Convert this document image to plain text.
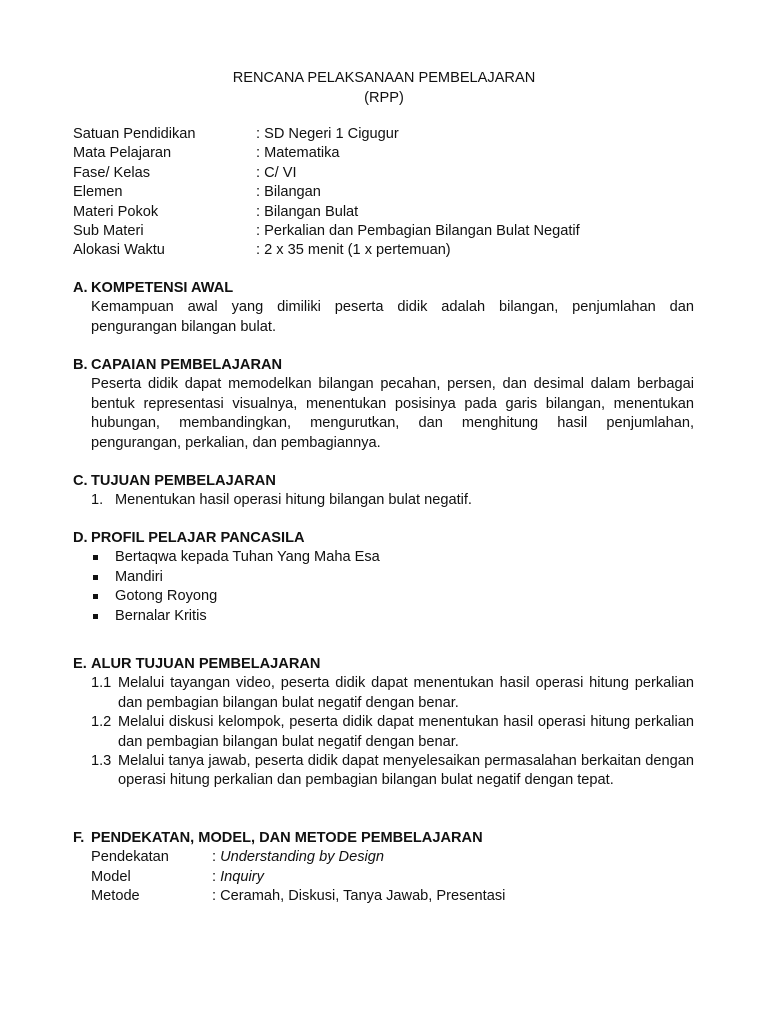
RENCANA PELAKSANAAN PEMBELAJARAN
(RPP)
Satuan Pendidikan	: SD Negeri 1 Cigugur
Mata Pelajaran	: Matematika
Fase/ Kelas	: C/ VI
Elemen	: Bilangan
Materi Pokok	: Bilangan Bulat
Sub Materi	: Perkalian dan Pembagian Bilangan Bulat Negatif
Alokasi Waktu	: 2 x 35 menit (1 x pertemuan)
A. KOMPETENSI AWAL
Kemampuan awal yang dimiliki peserta didik adalah bilangan, penjumlahan dan pengurangan bilangan bulat.
B. CAPAIAN PEMBELAJARAN
Peserta didik dapat memodelkan bilangan pecahan, persen, dan desimal dalam berbagai bentuk representasi visualnya, menentukan posisinya pada garis bilangan, menentukan hubungan, membandingkan, mengurutkan, dan menghitung hasil penjumlahan, pengurangan, perkalian, dan pembagiannya.
C. TUJUAN PEMBELAJARAN
1. Menentukan hasil operasi hitung bilangan bulat negatif.
D. PROFIL PELAJAR PANCASILA
Bertaqwa kepada Tuhan Yang Maha Esa
Mandiri
Gotong Royong
Bernalar Kritis
E. ALUR TUJUAN PEMBELAJARAN
1.1 Melalui tayangan video, peserta didik dapat menentukan hasil operasi hitung perkalian dan pembagian bilangan bulat negatif dengan benar.
1.2 Melalui diskusi kelompok, peserta didik dapat menentukan hasil operasi hitung perkalian dan pembagian bilangan bulat negatif dengan benar.
1.3 Melalui tanya jawab, peserta didik dapat menyelesaikan permasalahan berkaitan dengan operasi hitung perkalian dan pembagian bilangan bulat negatif dengan tepat.
F. PENDEKATAN, MODEL, DAN METODE PEMBELAJARAN
Pendekatan	: Understanding by Design
Model	: Inquiry
Metode	: Ceramah, Diskusi, Tanya Jawab, Presentasi
